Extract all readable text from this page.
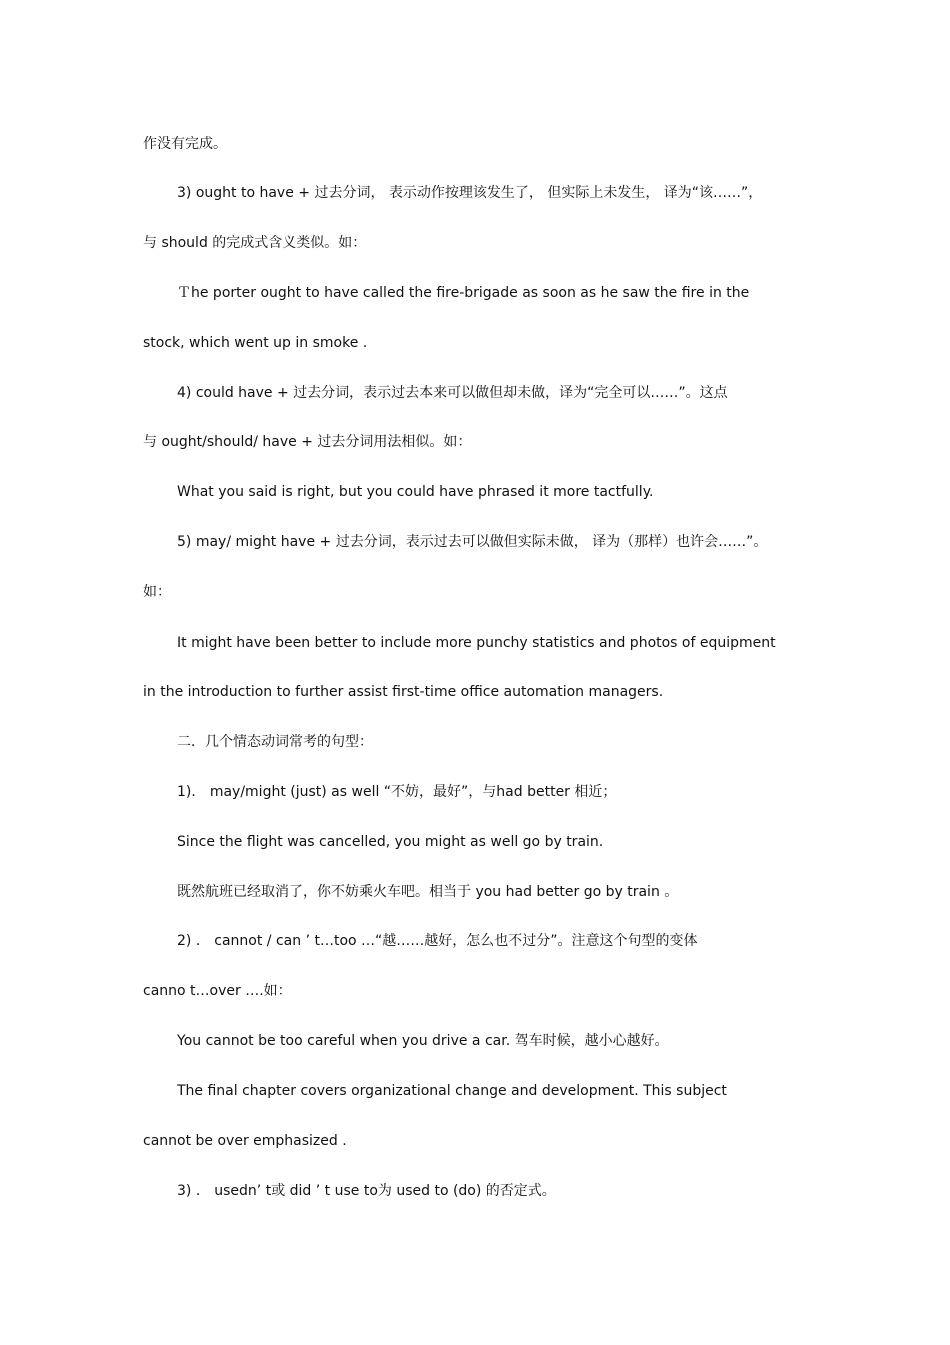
作没有完成。
3) ought to have + 过去分词， 表示动作按理该发生了， 但实际上未发生， 译为“该……”，
与 should 的完成式含义类似。如：
Ｔhe porter ought to have called the fire-brigade as soon as he saw the fire in the
stock, which went up in smoke .
4) could have + 过去分词，表示过去本来可以做但却未做，译为“完全可以……”。这点
与 ought/should/ have + 过去分词用法相似。如：
What you said is right, but you could have phrased it more tactfully.
5) may/ might have + 过去分词，表示过去可以做但实际未做， 译为（那样）也许会……”。
如：
It might have been better to include more punchy statistics and photos of equipment
in the introduction to further assist first-time office automation managers.
二．几个情态动词常考的句型：
1)． may/might (just) as well “不妨，最好”，与had better 相近；
Since the flight was cancelled, you might as well go by train.
既然航班已经取消了，你不妨乘火车吧。相当于 you had better go by train 。
2) ． cannot / can ’ t…too …“越……越好，怎么也不过分”。注意这个句型的变体
canno t…over ….如：
You cannot be too careful when you drive a car. 驾车时候，越小心越好。
The final chapter covers organizational change and development. This subject
cannot be over emphasized .
3) ． usedn’ t或 did ’ t use to为 used to (do) 的否定式。
